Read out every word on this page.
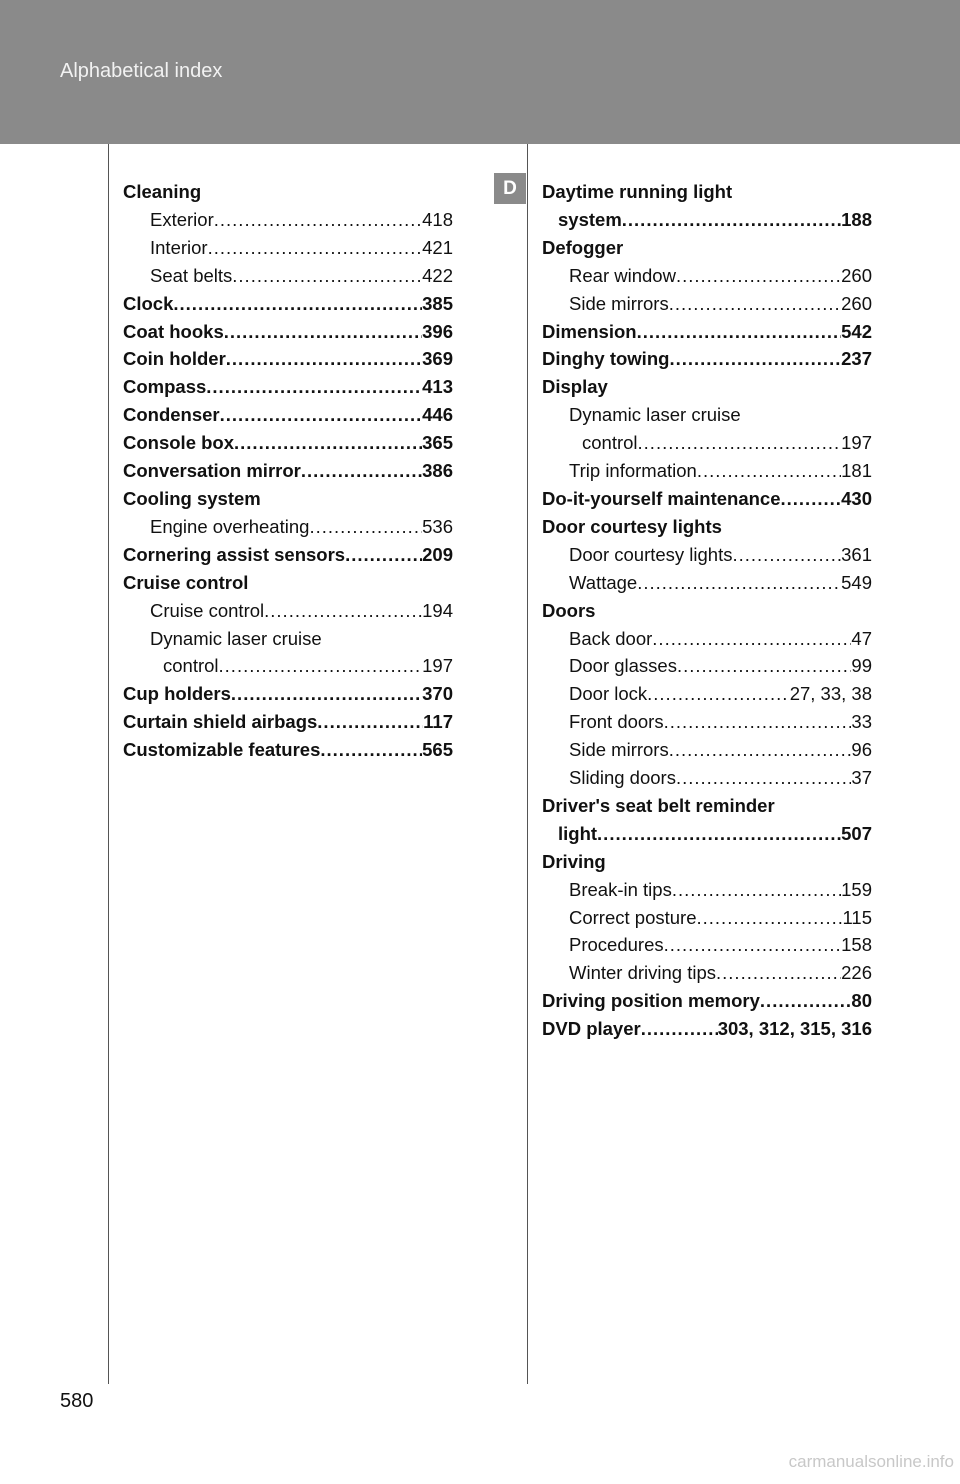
Alphabetical index
Cleaning
Exterior .....	418
Interior .....	421
Seat belts .....	422
Clock .....	385
Coat hooks .....	396
Coin holder .....	369
Compass .....	413
Condenser .....	446
Console box .....	365
Conversation mirror .....	386
Cooling system
Engine overheating .....	536
Cornering assist sensors .....	209
Cruise control
Cruise control .....	194
Dynamic laser cruise
control .....	197
Cup holders .....	370
Curtain shield airbags .....	117
Customizable features .....	565
D	Daytime running light
system .....	188
Defogger
Rear window .....	260
Side mirrors .....	260
Dimension .....	542
Dinghy towing .....	237
Display
Dynamic laser cruise
control .....	197
Trip information .....	181
Do-it-yourself maintenance .....	430
Door courtesy lights
Door courtesy lights .....	361
Wattage .....	549
Doors
Back door .....	47
Door glasses .....	99
Door lock .....	27, 33, 38
Front doors .....	33
Side mirrors .....	96
Sliding doors .....	37
Driver's seat belt reminder
light .....	507
Driving
Break-in tips .....	159
Correct posture .....	115
Procedures .....	158
Winter driving tips .....	226
Driving position memory .....	80
DVD player .....	303, 312, 315, 316
580
carmanualsonline.info
